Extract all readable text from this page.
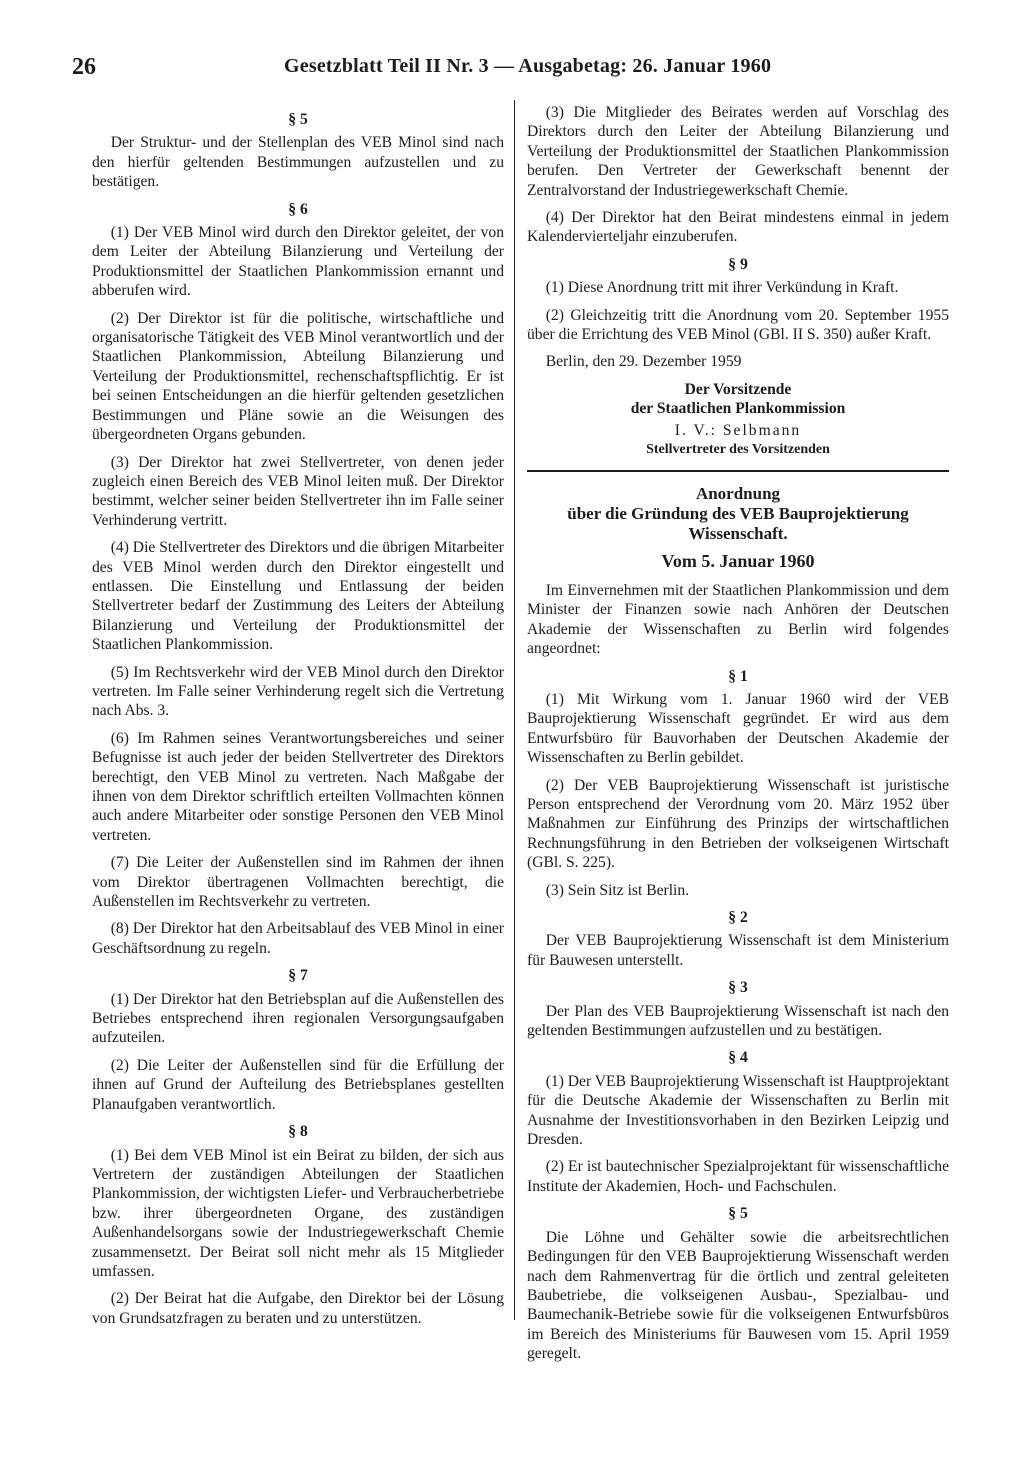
26	Gesetzblatt Teil II Nr. 3 — Ausgabetag: 26. Januar 1960

§ 5

Der Struktur- und der Stellenplan des VEB Minol sind nach den hierfür geltenden Bestimmungen aufzustellen und zu bestätigen.

§ 6

(1) Der VEB Minol wird durch den Direktor geleitet, der von dem Leiter der Abteilung Bilanzierung und Verteilung der Produktionsmittel der Staatlichen Plankommission ernannt und abberufen wird.

(2) Der Direktor ist für die politische, wirtschaftliche und organisatorische Tätigkeit des VEB Minol verantwortlich und der Staatlichen Plankommission, Abteilung Bilanzierung und Verteilung der Produktionsmittel, rechenschaftspflichtig. Er ist bei seinen Entscheidungen an die hierfür geltenden gesetzlichen Bestimmungen und Pläne sowie an die Weisungen des übergeordneten Organs gebunden.

(3) Der Direktor hat zwei Stellvertreter, von denen jeder zugleich einen Bereich des VEB Minol leiten muß. Der Direktor bestimmt, welcher seiner beiden Stellvertreter ihn im Falle seiner Verhinderung vertritt.

(4) Die Stellvertreter des Direktors und die übrigen Mitarbeiter des VEB Minol werden durch den Direktor eingestellt und entlassen. Die Einstellung und Entlassung der beiden Stellvertreter bedarf der Zustimmung des Leiters der Abteilung Bilanzierung und Verteilung der Produktionsmittel der Staatlichen Plankommission.

(5) Im Rechtsverkehr wird der VEB Minol durch den Direktor vertreten. Im Falle seiner Verhinderung regelt sich die Vertretung nach Abs. 3.

(6) Im Rahmen seines Verantwortungsbereiches und seiner Befugnisse ist auch jeder der beiden Stellvertreter des Direktors berechtigt, den VEB Minol zu vertreten. Nach Maßgabe der ihnen von dem Direktor schriftlich erteilten Vollmachten können auch andere Mitarbeiter oder sonstige Personen den VEB Minol vertreten.

(7) Die Leiter der Außenstellen sind im Rahmen der ihnen vom Direktor übertragenen Vollmachten berechtigt, die Außenstellen im Rechtsverkehr zu vertreten.

(8) Der Direktor hat den Arbeitsablauf des VEB Minol in einer Geschäftsordnung zu regeln.

§ 7

(1) Der Direktor hat den Betriebsplan auf die Außenstellen des Betriebes entsprechend ihren regionalen Versorgungsaufgaben aufzuteilen.

(2) Die Leiter der Außenstellen sind für die Erfüllung der ihnen auf Grund der Aufteilung des Betriebsplanes gestellten Planaufgaben verantwortlich.

§ 8

(1) Bei dem VEB Minol ist ein Beirat zu bilden, der sich aus Vertretern der zuständigen Abteilungen der Staatlichen Plankommission, der wichtigsten Liefer- und Verbraucherbetriebe bzw. ihrer übergeordneten Organe, des zuständigen Außenhandelsorgans sowie der Industriegewerkschaft Chemie zusammensetzt. Der Beirat soll nicht mehr als 15 Mitglieder umfassen.

(2) Der Beirat hat die Aufgabe, den Direktor bei der Lösung von Grundsatzfragen zu beraten und zu unterstützen.

(3) Die Mitglieder des Beirates werden auf Vorschlag des Direktors durch den Leiter der Abteilung Bilanzierung und Verteilung der Produktionsmittel der Staatlichen Plankommission berufen. Den Vertreter der Gewerkschaft benennt der Zentralvorstand der Industriegewerkschaft Chemie.

(4) Der Direktor hat den Beirat mindestens einmal in jedem Kalendervierteljahr einzuberufen.

§ 9

(1) Diese Anordnung tritt mit ihrer Verkündung in Kraft.

(2) Gleichzeitig tritt die Anordnung vom 20. September 1955 über die Errichtung des VEB Minol (GBl. II S. 350) außer Kraft.

Berlin, den 29. Dezember 1959

Der Vorsitzende

der Staatlichen Plankommission

I. V.: Selbmann

Stellvertreter des Vorsitzenden

Anordnung

über die Gründung des VEB Bauprojektierung

Wissenschaft.

Vom 5. Januar 1960

Im Einvernehmen mit der Staatlichen Plankommission und dem Minister der Finanzen sowie nach Anhören der Deutschen Akademie der Wissenschaften zu Berlin wird folgendes angeordnet:

§ 1

(1) Mit Wirkung vom 1. Januar 1960 wird der VEB Bauprojektierung Wissenschaft gegründet. Er wird aus dem Entwurfsbüro für Bauvorhaben der Deutschen Akademie der Wissenschaften zu Berlin gebildet.

(2) Der VEB Bauprojektierung Wissenschaft ist juristische Person entsprechend der Verordnung vom 20. März 1952 über Maßnahmen zur Einführung des Prinzips der wirtschaftlichen Rechnungsführung in den Betrieben der volkseigenen Wirtschaft (GBl. S. 225).

(3) Sein Sitz ist Berlin.

§ 2

Der VEB Bauprojektierung Wissenschaft ist dem Ministerium für Bauwesen unterstellt.

§ 3

Der Plan des VEB Bauprojektierung Wissenschaft ist nach den geltenden Bestimmungen aufzustellen und zu bestätigen.

§ 4

(1) Der VEB Bauprojektierung Wissenschaft ist Hauptprojektant für die Deutsche Akademie der Wissenschaften zu Berlin mit Ausnahme der Investitionsvorhaben in den Bezirken Leipzig und Dresden.

(2) Er ist bautechnischer Spezialprojektant für wissenschaftliche Institute der Akademien, Hoch- und Fachschulen.

§ 5

Die Löhne und Gehälter sowie die arbeitsrechtlichen Bedingungen für den VEB Bauprojektierung Wissenschaft werden nach dem Rahmenvertrag für die örtlich und zentral geleiteten Baubetriebe, die volkseigenen Ausbau-, Spezialbau- und Baumechanik-Betriebe sowie für die volkseigenen Entwurfsbüros im Bereich des Ministeriums für Bauwesen vom 15. April 1959 geregelt.
